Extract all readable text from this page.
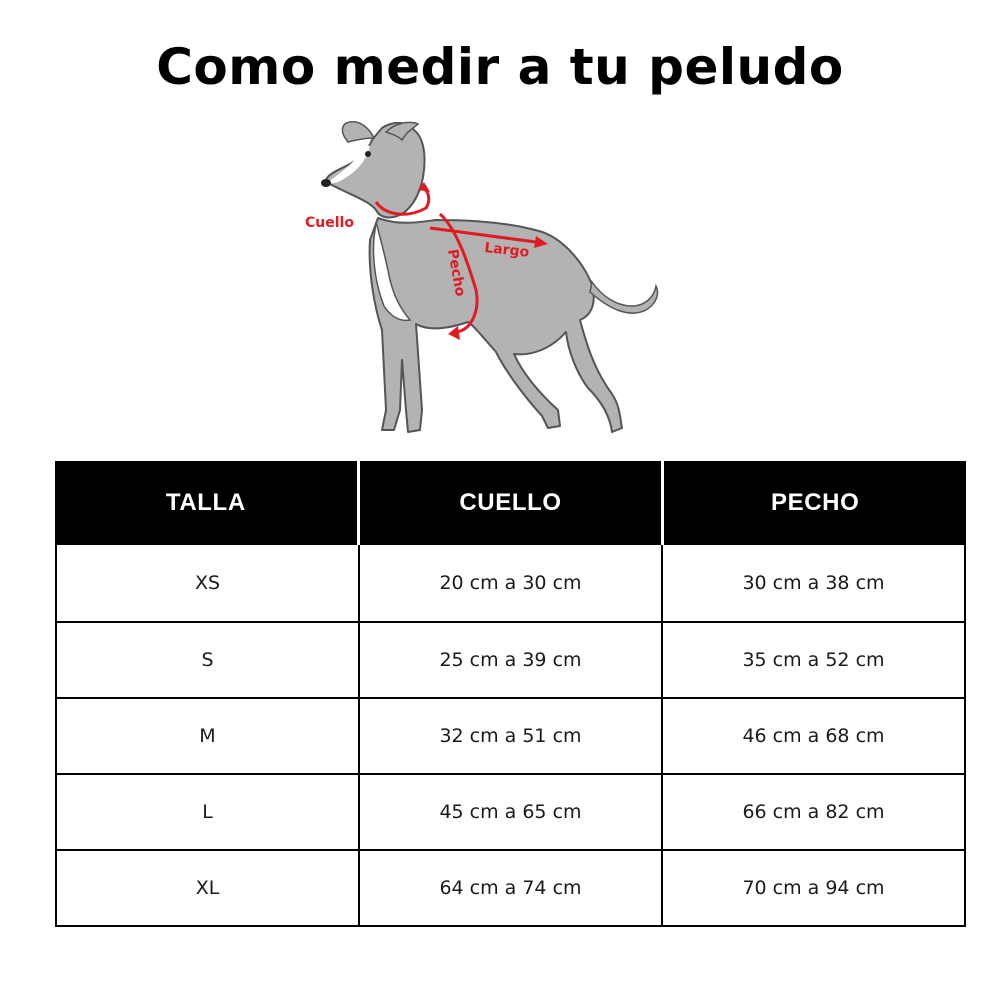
Como medir a tu peludo
Cuello
Largo
Pecho
TALLA	CUELLO	PECHO
XS	20 cm a 30 cm	30 cm a 38 cm
S	25 cm a 39 cm	35 cm a 52 cm
M	32 cm a 51 cm	46 cm a 68 cm
L	45 cm a 65 cm	66 cm a 82 cm
XL	64 cm a 74 cm	70 cm a 94 cm
